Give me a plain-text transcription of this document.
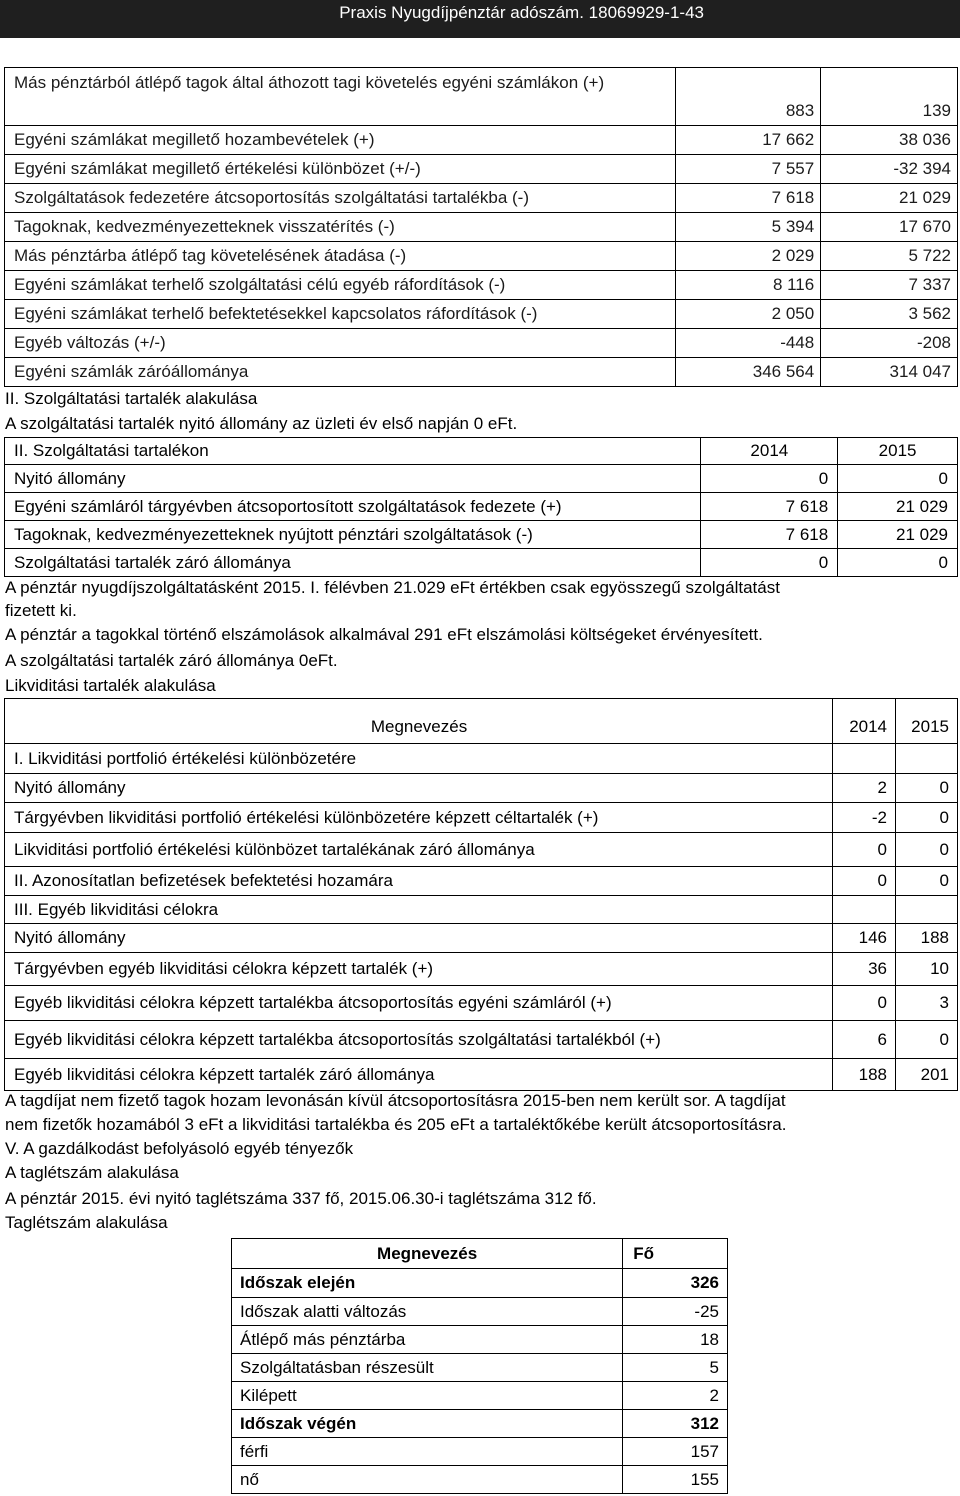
Praxis Nyugdíjpénztár adószám. 18069929-1-43
Más pénztárból átlépő tagok által áthozott tagi követelés egyéni számlákon (+)	883	139
Egyéni számlákat megillető hozambevételek (+)	17 662	38 036
Egyéni számlákat megillető értékelési különbözet (+/-)	7 557	-32 394
Szolgáltatások fedezetére átcsoportosítás szolgáltatási tartalékba (-)	7 618	21 029
Tagoknak, kedvezményezetteknek visszatérítés (-)	5 394	17 670
Más pénztárba átlépő tag követelésének átadása (-)	2 029	5 722
Egyéni számlákat terhelő szolgáltatási célú egyéb ráfordítások (-)	8 116	7 337
Egyéni számlákat terhelő befektetésekkel kapcsolatos ráfordítások (-)	2 050	3 562
Egyéb változás (+/-)	-448	-208
Egyéni számlák záróállománya	346 564	314 047
II. Szolgáltatási tartalék alakulása
A szolgáltatási tartalék nyitó állomány az üzleti év első napján 0 eFt.
II. Szolgáltatási tartalékon	2014	2015
Nyitó állomány	0	0
Egyéni számláról tárgyévben átcsoportosított szolgáltatások fedezete (+)	7 618	21 029
Tagoknak, kedvezményezetteknek nyújtott pénztári szolgáltatások (-)	7 618	21 029
Szolgáltatási tartalék záró állománya	0	0
A pénztár nyugdíjszolgáltatásként 2015. I. félévben 21.029 eFt értékben csak egyösszegű szolgáltatást
fizetett ki.
A pénztár a tagokkal történő elszámolások alkalmával 291 eFt elszámolási költségeket érvényesített.
A szolgáltatási tartalék záró állománya 0eFt.
Likviditási tartalék alakulása
Megnevezés	2014	2015
I. Likviditási portfolió értékelési különbözetére		
Nyitó állomány	2	0
Tárgyévben likviditási portfolió értékelési különbözetére képzett céltartalék (+)	-2	0
Likviditási portfolió értékelési különbözet tartalékának záró állománya	0	0
II. Azonosítatlan befizetések befektetési hozamára	0	0
III. Egyéb likviditási célokra		
Nyitó állomány	146	188
Tárgyévben egyéb likviditási célokra képzett tartalék (+)	36	10
Egyéb likviditási célokra képzett tartalékba átcsoportosítás egyéni számláról (+)	0	3
Egyéb likviditási célokra képzett tartalékba átcsoportosítás szolgáltatási tartalékból (+)	6	0
Egyéb likviditási célokra képzett tartalék záró állománya	188	201
A tagdíjat nem fizető tagok hozam levonásán kívül átcsoportosításra 2015-ben nem került sor. A tagdíjat
nem fizetők hozamából 3 eFt a likviditási tartalékba és 205 eFt a tartaléktőkébe került átcsoportosításra.
V. A gazdálkodást befolyásoló egyéb tényezők
A taglétszám alakulása
A pénztár 2015. évi nyitó taglétszáma 337 fő, 2015.06.30-i taglétszáma 312 fő.
Taglétszám alakulása
Megnevezés	Fő
Időszak elején	326
Időszak alatti változás	-25
Átlépő más pénztárba	18
Szolgáltatásban részesült	5
Kilépett	2
Időszak végén	312
férfi	157
nő	155
